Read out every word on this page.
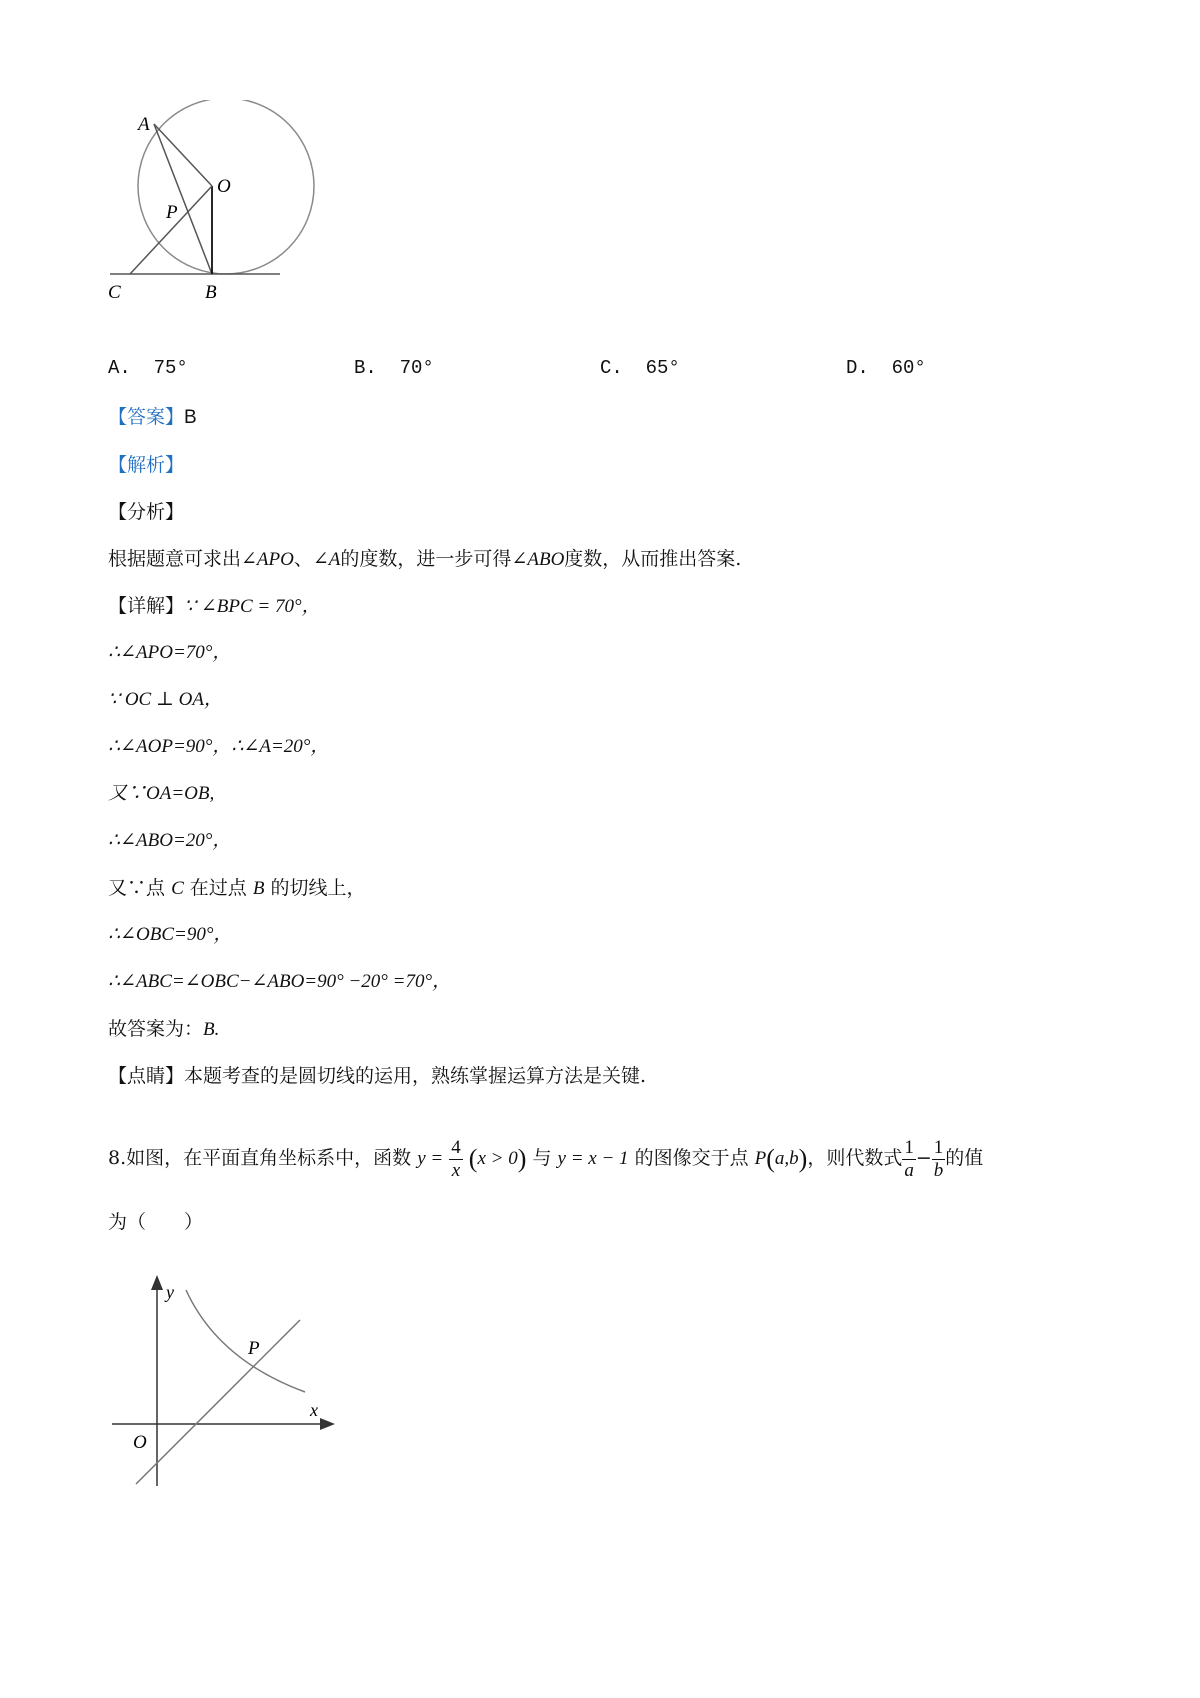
A
O
P
C	B
A. 75°	B. 70°	C. 65°	D. 60°
【答案】B
【解析】
【分析】
根据题意可求出∠APO、∠A的度数，进一步可得∠ABO度数，从而推出答案.
【详解】∵ ∠BPC = 70°，
∴∠APO=70°，
∵ OC ⊥ OA，
∴∠AOP=90°，∴∠A=20°，
又∵OA=OB,
∴∠ABO=20°，
又∵点 C 在过点 B 的切线上，
∴∠OBC=90°，
∴∠ABC=∠OBC−∠ABO=90° −20° =70°，
故答案为：B.
【点睛】本题考查的是圆切线的运用，熟练掌握运算方法是关键.
8.如图，在平面直角坐标系中，函数 $y = \frac{4}{x} (x > 0)$ 与 y = x − 1 的图像交于点 P(a,b)，则代数式 $\frac{1}{a} - \frac{1}{b}$ 的值
为（　　）
y
x
O
P
